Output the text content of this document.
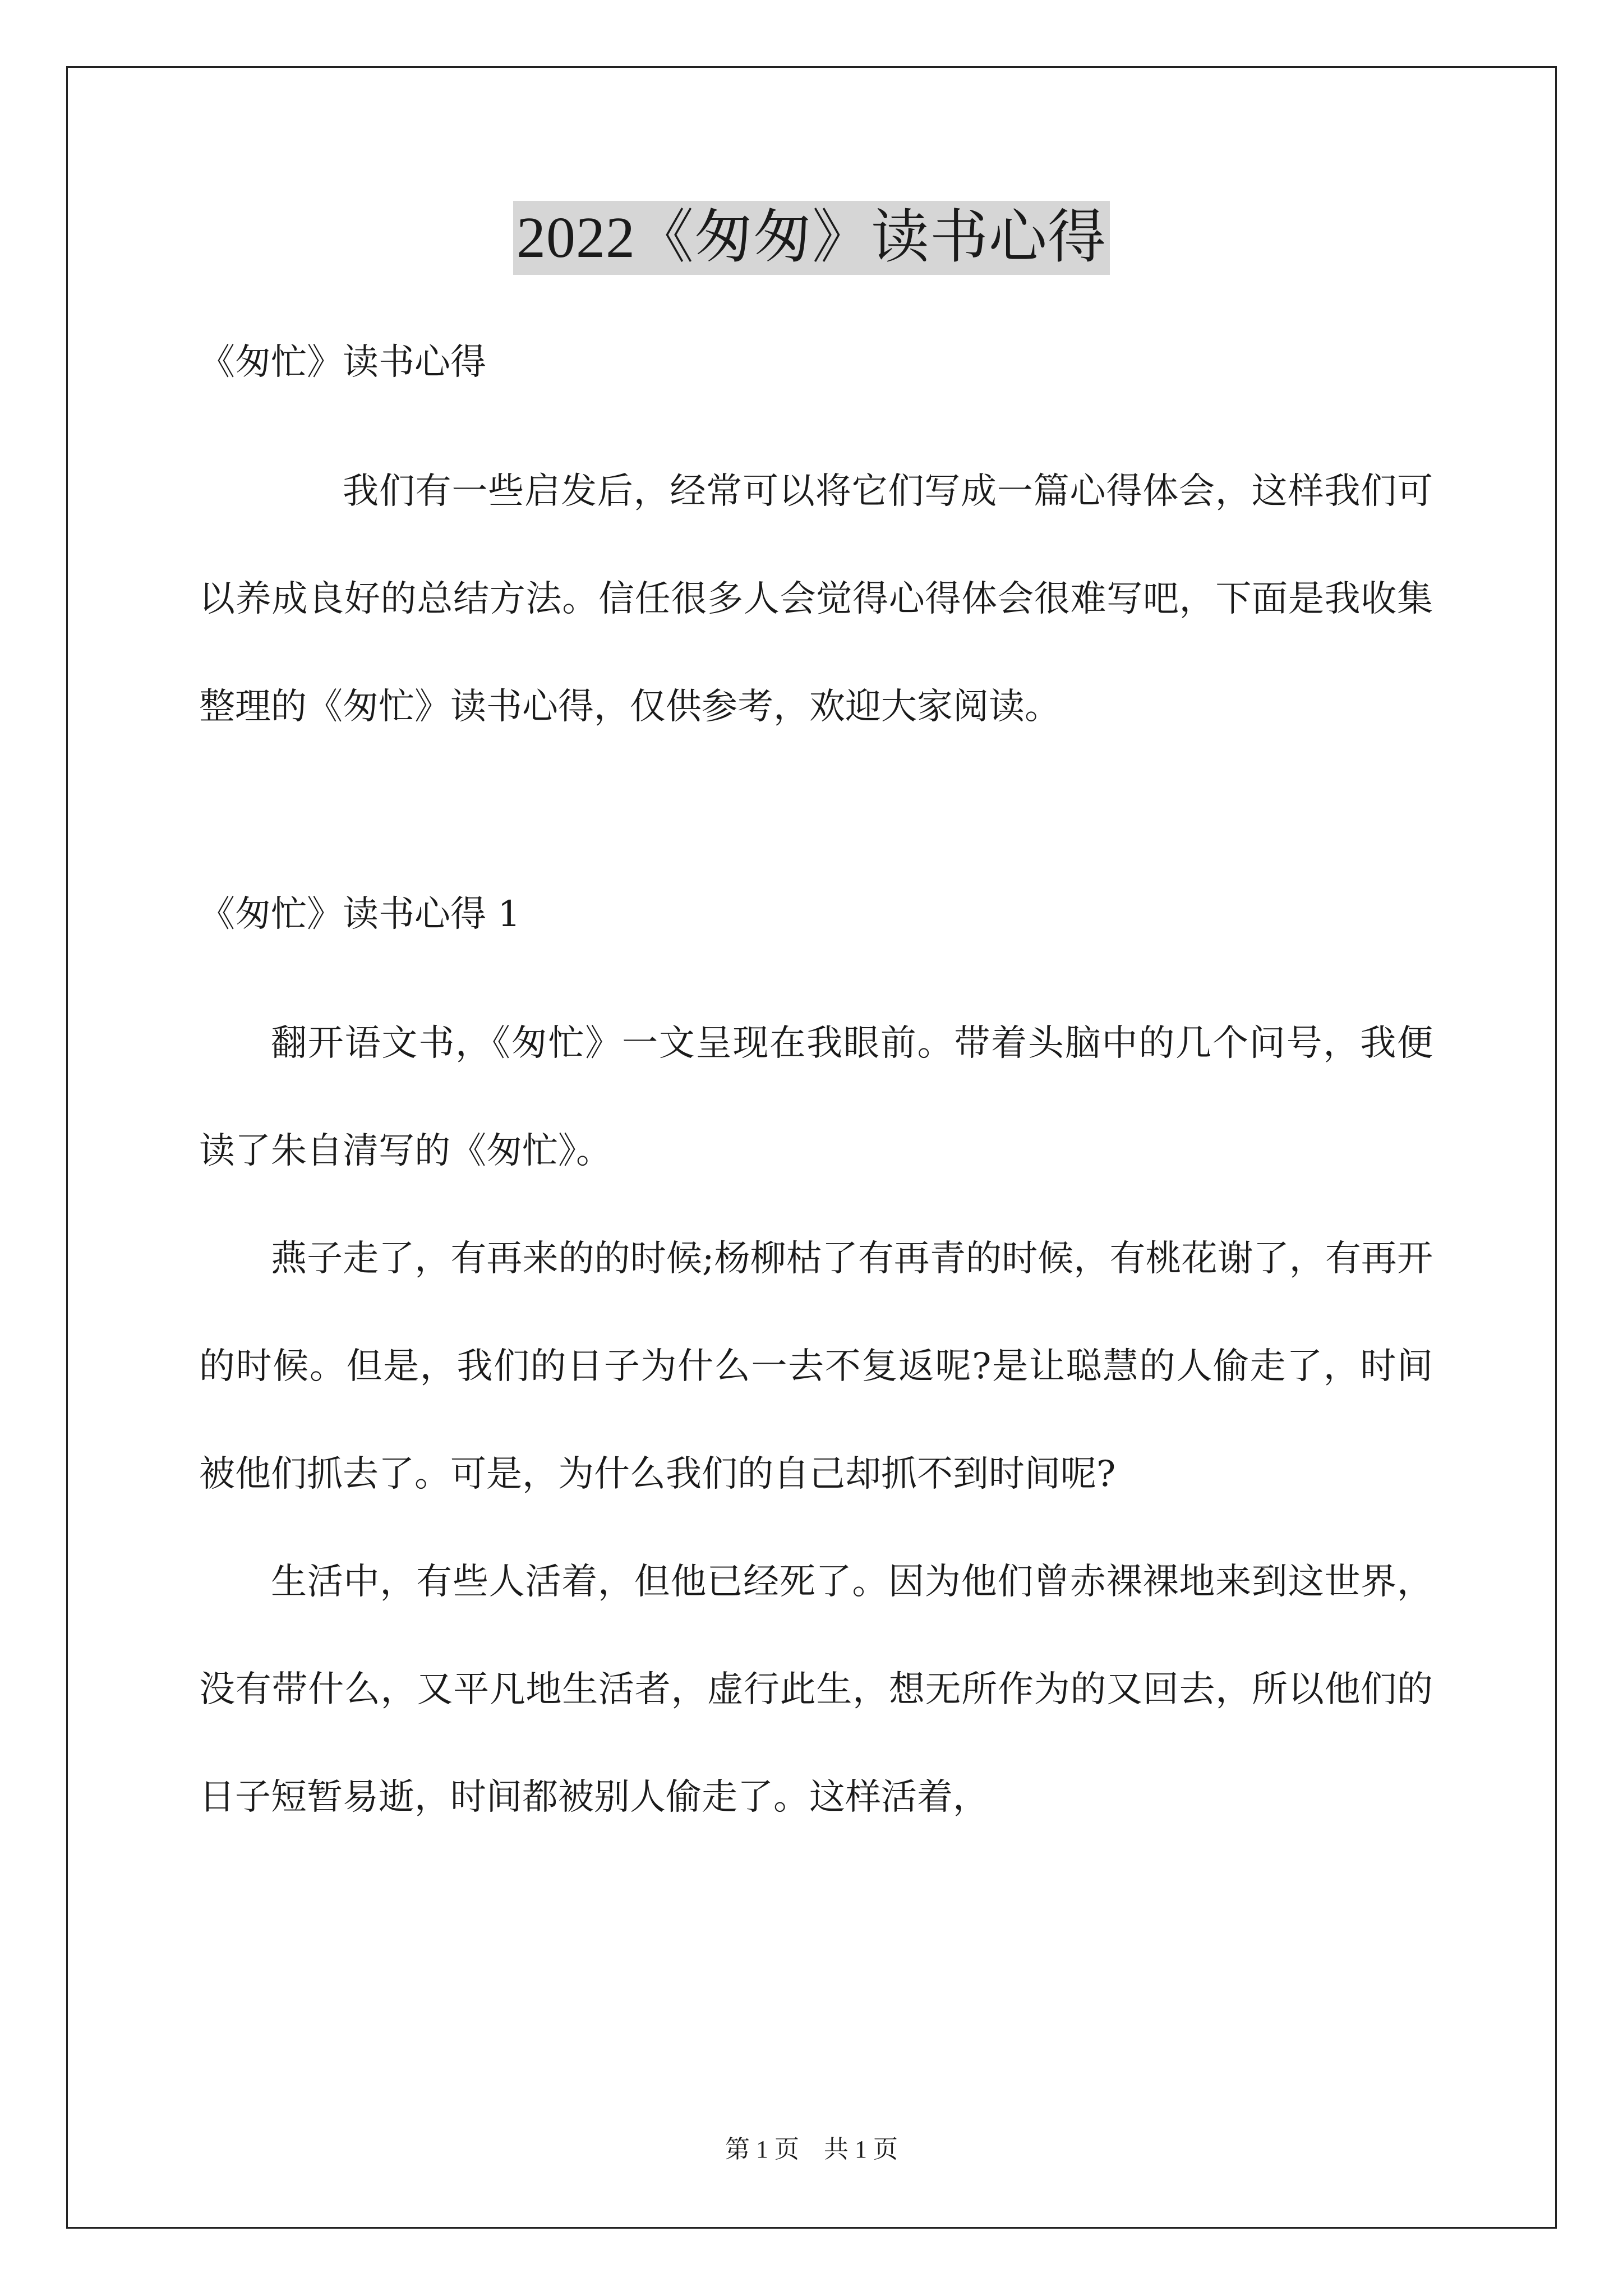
2022《匆匆》读书心得
《匆忙》读书心得

我们有一些启发后，经常可以将它们写成一篇心得体会，这样我们可以养成良好的总结方法。信任很多人会觉得心得体会很难写吧，下面是我收集整理的《匆忙》读书心得，仅供参考，欢迎大家阅读。

《匆忙》读书心得 1

翻开语文书，《匆忙》一文呈现在我眼前。带着头脑中的几个问号，我便读了朱自清写的《匆忙》。

燕子走了，有再来的的时候;杨柳枯了有再青的时候，有桃花谢了，有再开的时候。但是，我们的日子为什么一去不复返呢?是让聪慧的人偷走了，时间被他们抓去了。可是，为什么我们的自己却抓不到时间呢?

生活中，有些人活着，但他已经死了。因为他们曾赤裸裸地来到这世界，没有带什么，又平凡地生活者，虚行此生，想无所作为的又回去，所以他们的日子短暂易逝，时间都被别人偷走了。这样活着，

第 1 页　共 1 页
